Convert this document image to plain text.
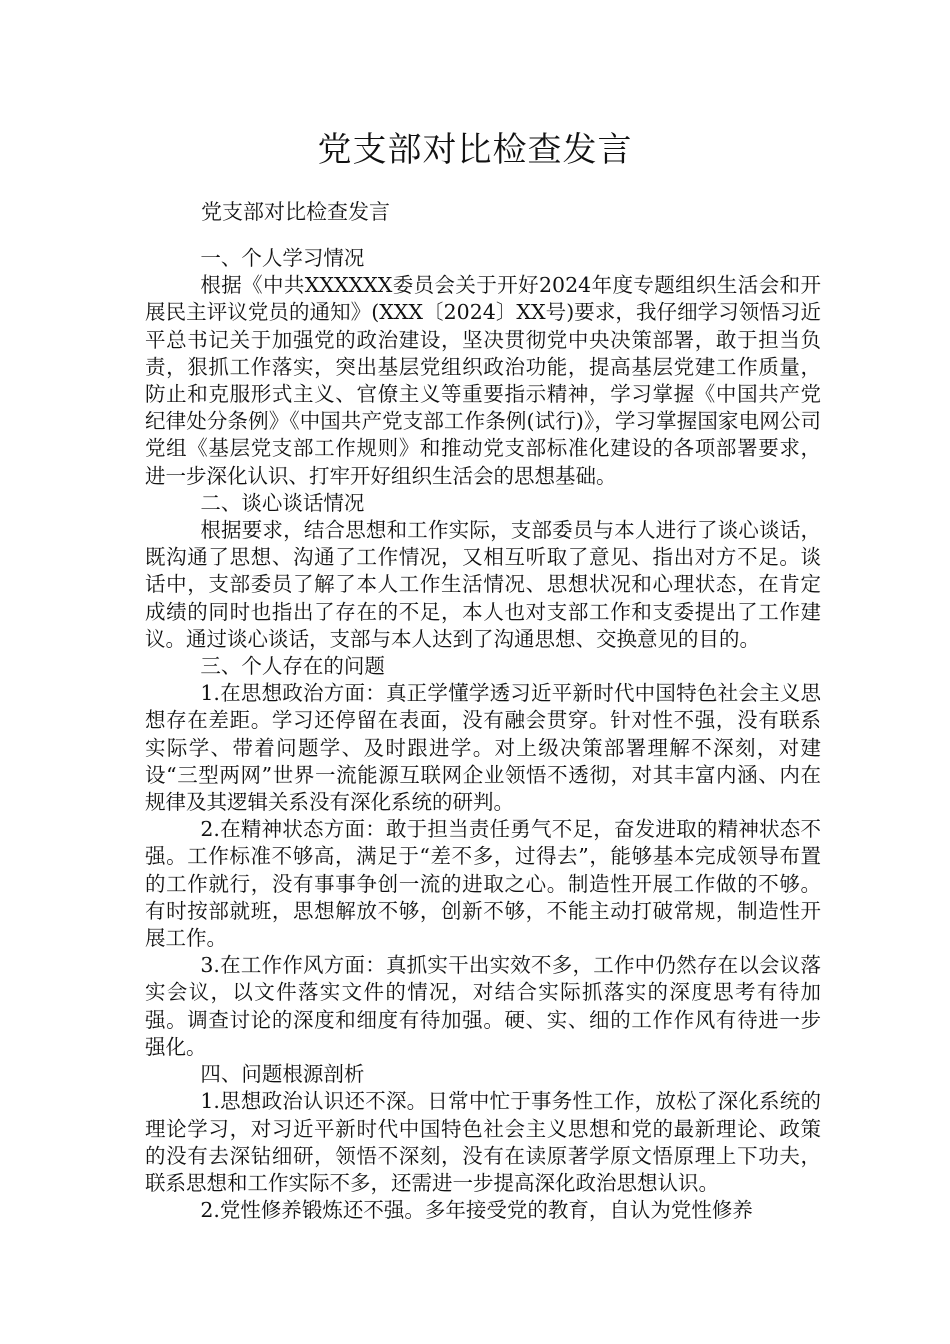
党支部对比检查发言

党支部对比检查发言

一、个人学习情况

根据《中共XXXXXX委员会关于开好2024年度专题组织生活会和开展民主评议党员的通知》(XXX〔2024〕XX号)要求，我仔细学习领悟习近平总书记关于加强党的政治建设，坚决贯彻党中央决策部署，敢于担当负责，狠抓工作落实，突出基层党组织政治功能，提高基层党建工作质量，防止和克服形式主义、官僚主义等重要指示精神，学习掌握《中国共产党纪律处分条例》《中国共产党支部工作条例(试行)》，学习掌握国家电网公司党组《基层党支部工作规则》和推动党支部标准化建设的各项部署要求，进一步深化认识、打牢开好组织生活会的思想基础。

二、谈心谈话情况

根据要求，结合思想和工作实际，支部委员与本人进行了谈心谈话，既沟通了思想、沟通了工作情况，又相互听取了意见、指出对方不足。谈话中，支部委员了解了本人工作生活情况、思想状况和心理状态，在肯定成绩的同时也指出了存在的不足，本人也对支部工作和支委提出了工作建议。通过谈心谈话，支部与本人达到了沟通思想、交换意见的目的。

三、个人存在的问题

1.在思想政治方面：真正学懂学透习近平新时代中国特色社会主义思想存在差距。学习还停留在表面，没有融会贯穿。针对性不强，没有联系实际学、带着问题学、及时跟进学。对上级决策部署理解不深刻，对建设“三型两网”世界一流能源互联网企业领悟不透彻，对其丰富内涵、内在规律及其逻辑关系没有深化系统的研判。

2.在精神状态方面：敢于担当责任勇气不足，奋发进取的精神状态不强。工作标准不够高，满足于“差不多，过得去”，能够基本完成领导布置的工作就行，没有事事争创一流的进取之心。制造性开展工作做的不够。有时按部就班，思想解放不够，创新不够，不能主动打破常规，制造性开展工作。

3.在工作作风方面：真抓实干出实效不多，工作中仍然存在以会议落实会议，以文件落实文件的情况，对结合实际抓落实的深度思考有待加强。调查讨论的深度和细度有待加强。硬、实、细的工作作风有待进一步强化。

四、问题根源剖析

1.思想政治认识还不深。日常中忙于事务性工作，放松了深化系统的理论学习，对习近平新时代中国特色社会主义思想和党的最新理论、政策的没有去深钻细研，领悟不深刻，没有在读原著学原文悟原理上下功夫，联系思想和工作实际不多，还需进一步提高深化政治思想认识。

2.党性修养锻炼还不强。多年接受党的教育，自认为党性修养
